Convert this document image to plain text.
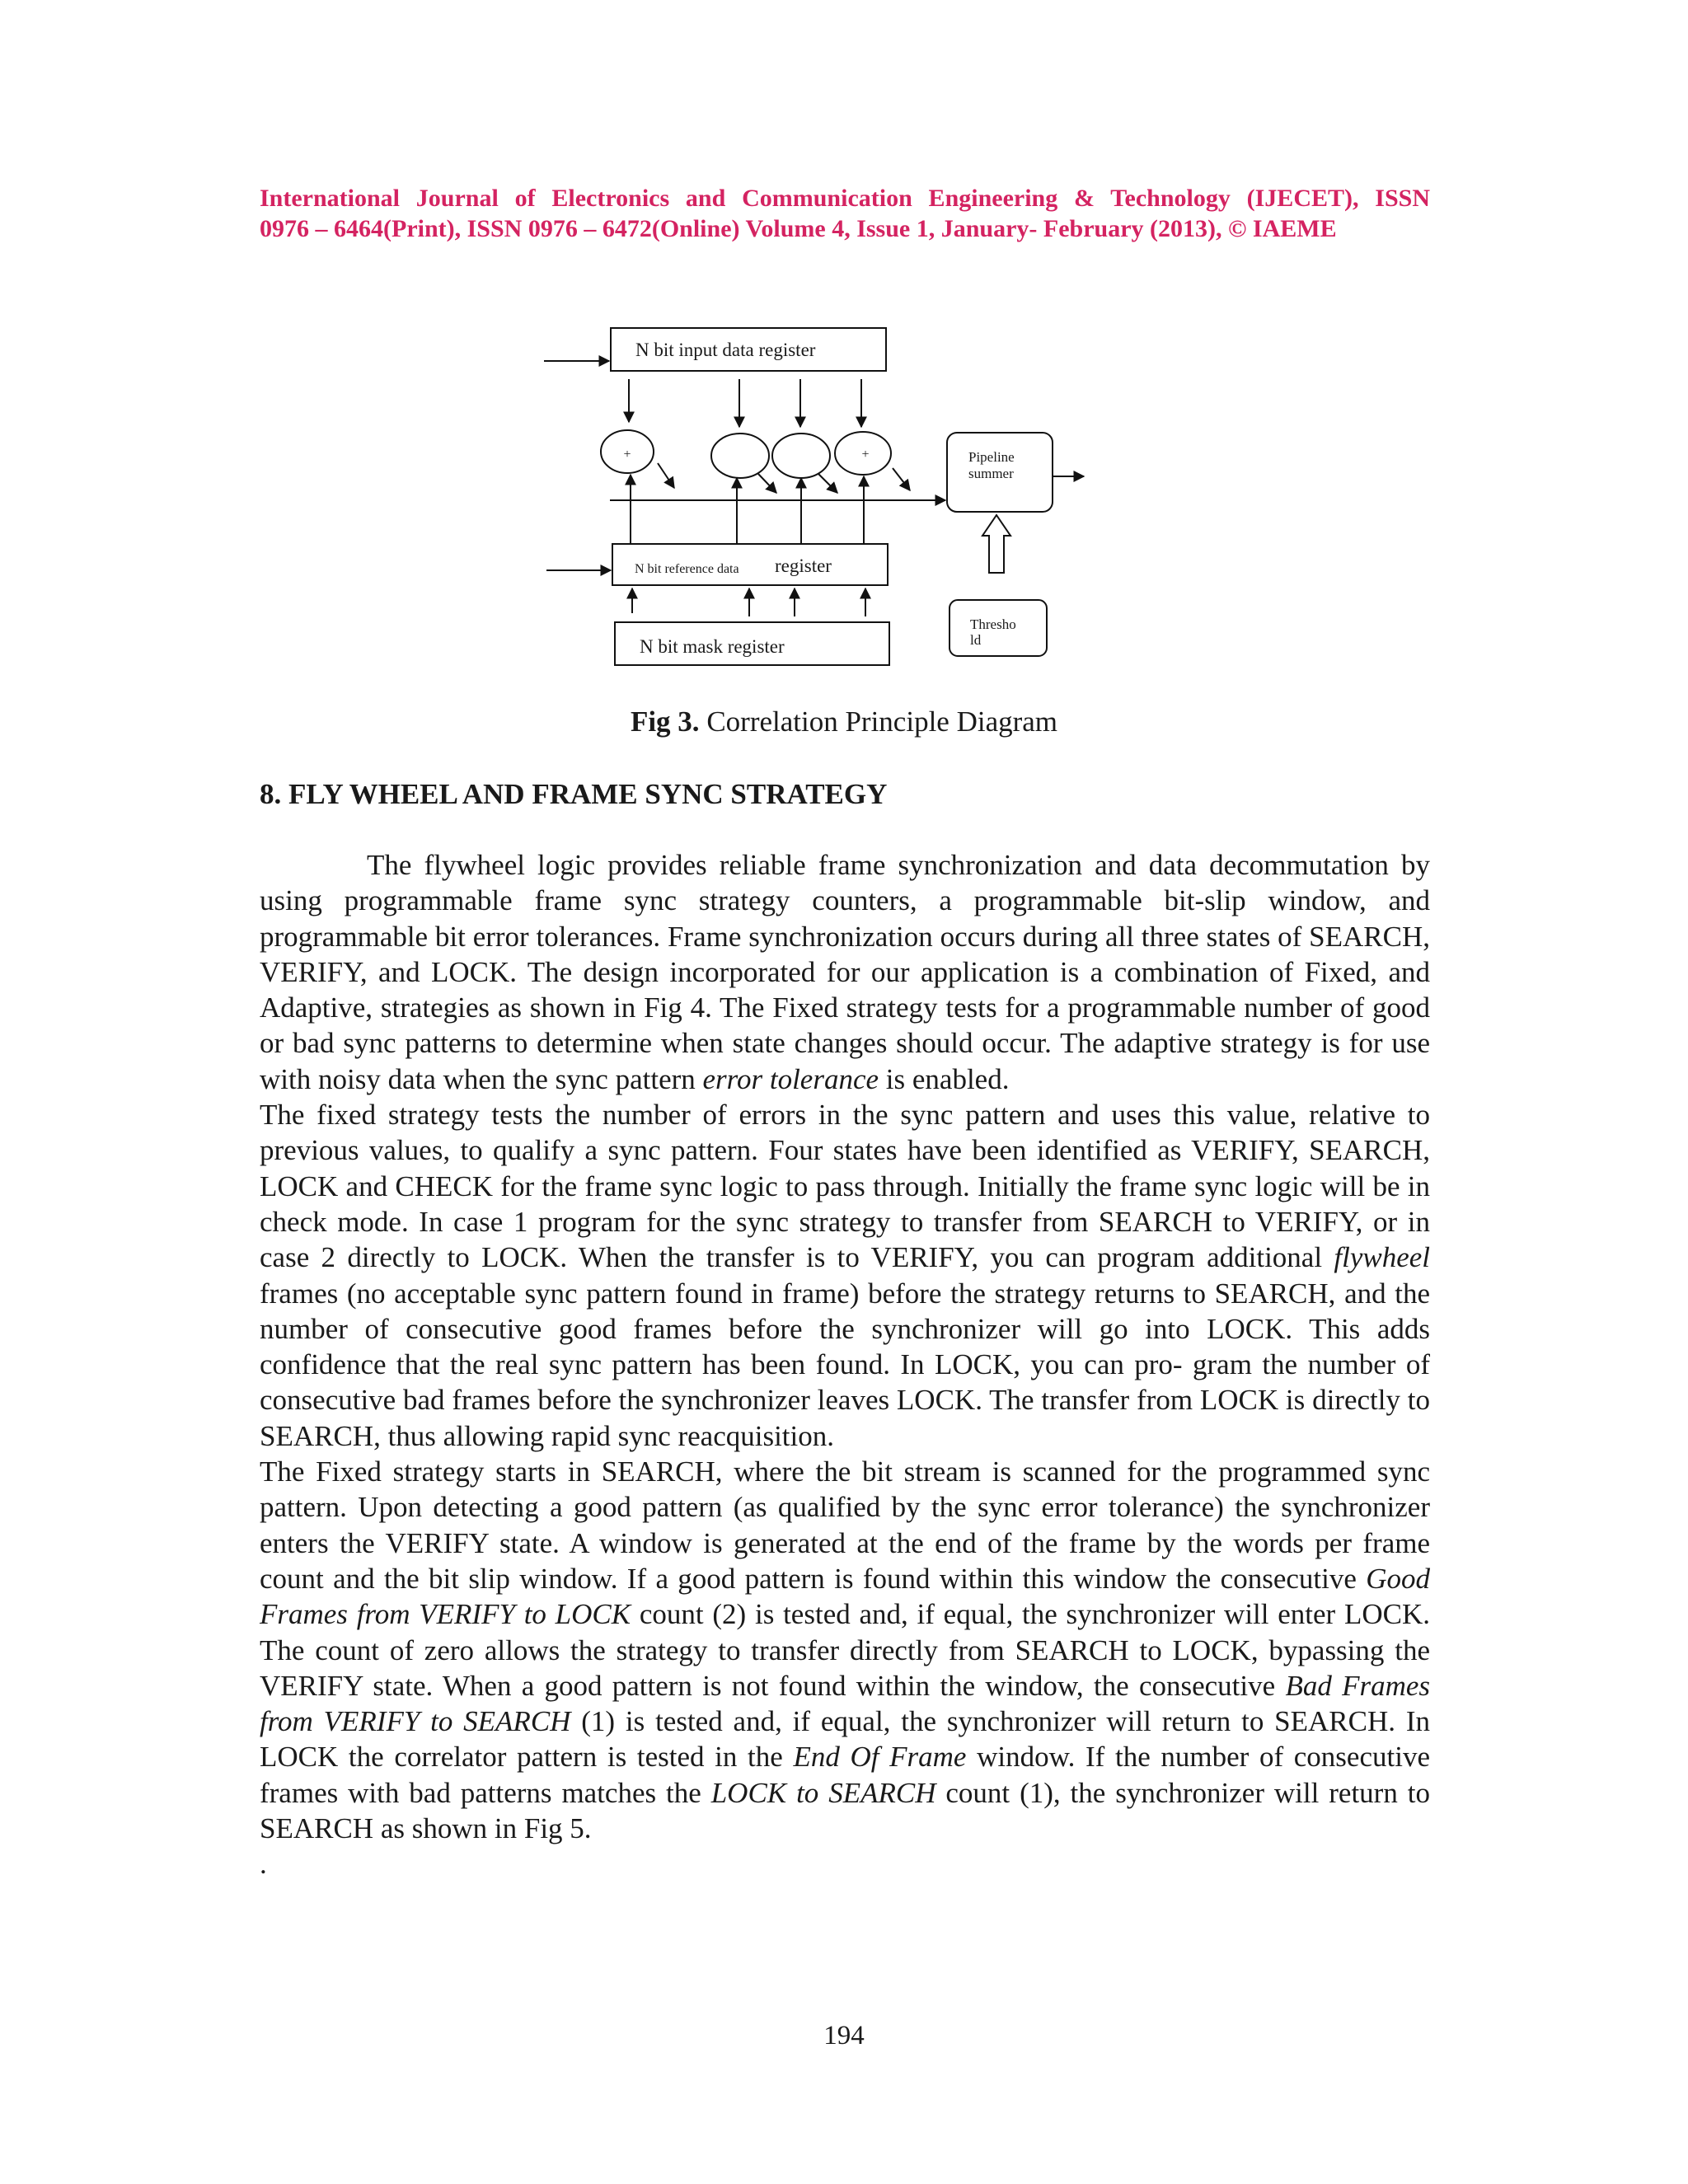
International Journal of Electronics and Communication Engineering & Technology (IJECET), ISSN
0976 – 6464(Print), ISSN 0976 – 6472(Online) Volume 4, Issue 1, January- February (2013), © IAEME
N bit input data register
+	+	Pipeline
summer
N bit reference data register
N bit mask register
Thresho
ld
Fig 3. Correlation Principle Diagram
8. FLY WHEEL AND FRAME SYNC STRATEGY

The flywheel logic provides reliable frame synchronization and data decommutation by using programmable frame sync strategy counters, a programmable bit-slip window, and programmable bit error tolerances. Frame synchronization occurs during all three states of SEARCH, VERIFY, and LOCK. The design incorporated for our application is a combination of Fixed, and Adaptive, strategies as shown in Fig 4. The Fixed strategy tests for a programmable number of good or bad sync patterns to determine when state changes should occur. The adaptive strategy is for use with noisy data when the sync pattern error tolerance is enabled.

The fixed strategy tests the number of errors in the sync pattern and uses this value, relative to previous values, to qualify a sync pattern. Four states have been identified as VERIFY, SEARCH, LOCK and CHECK for the frame sync logic to pass through. Initially the frame sync logic will be in check mode. In case 1 program for the sync strategy to transfer from SEARCH to VERIFY, or in case 2 directly to LOCK. When the transfer is to VERIFY, you can program additional flywheel frames (no acceptable sync pattern found in frame) before the strategy returns to SEARCH, and the number of consecutive good frames before the synchronizer will go into LOCK. This adds confidence that the real sync pattern has been found. In LOCK, you can pro- gram the number of consecutive bad frames before the synchronizer leaves LOCK. The transfer from LOCK is directly to SEARCH, thus allowing rapid sync reacquisition.

The Fixed strategy starts in SEARCH, where the bit stream is scanned for the programmed sync pattern. Upon detecting a good pattern (as qualified by the sync error tolerance) the synchronizer enters the VERIFY state. A window is generated at the end of the frame by the words per frame count and the bit slip window. If a good pattern is found within this window the consecutive Good Frames from VERIFY to LOCK count (2) is tested and, if equal, the synchronizer will enter LOCK. The count of zero allows the strategy to transfer directly from SEARCH to LOCK, bypassing the VERIFY state. When a good pattern is not found within the window, the consecutive Bad Frames from VERIFY to SEARCH (1) is tested and, if equal, the synchronizer will return to SEARCH. In LOCK the correlator pattern is tested in the End Of Frame window. If the number of consecutive frames with bad patterns matches the LOCK to SEARCH count (1), the synchronizer will return to SEARCH as shown in Fig 5.

.

194
